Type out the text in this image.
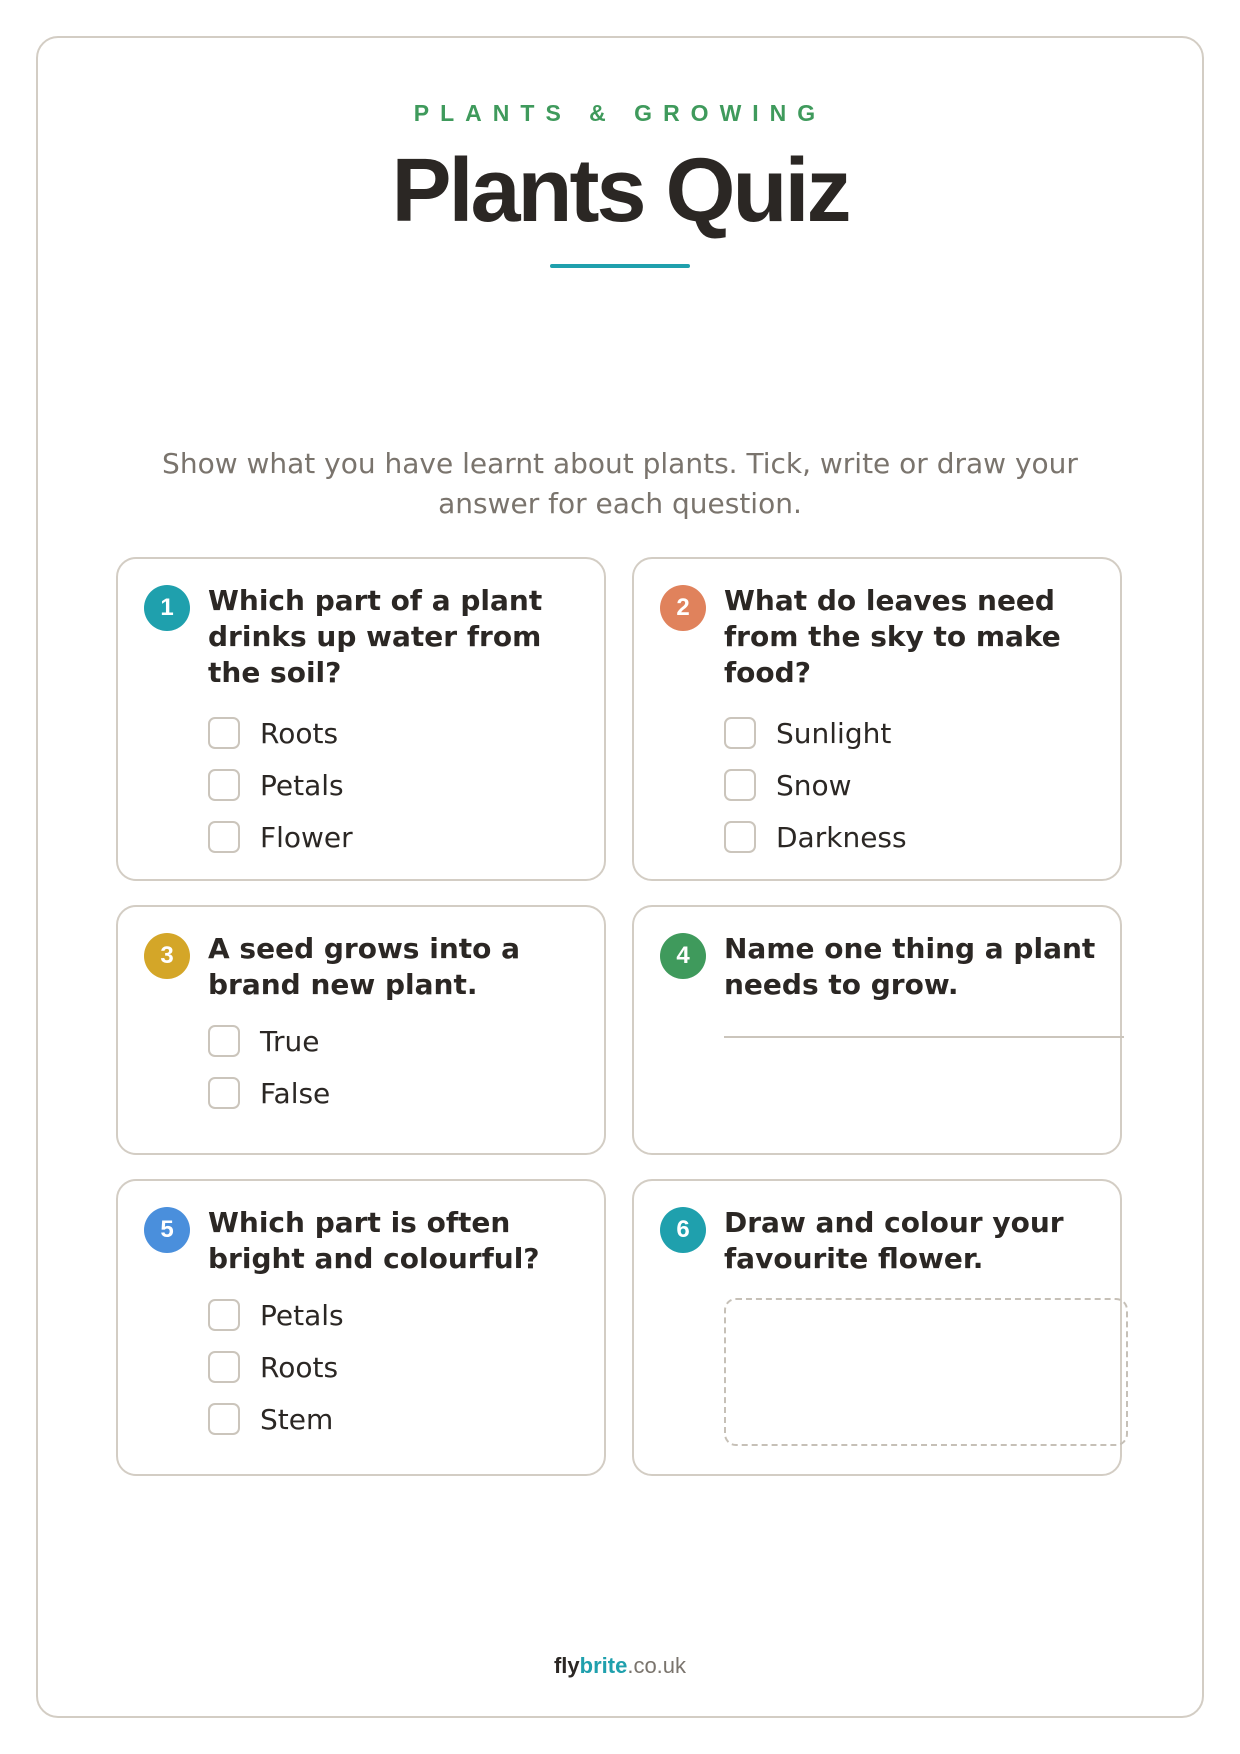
PLANTS & GROWING
Plants Quiz
Show what you have learnt about plants. Tick, write or draw your answer for each question.
1	Which part of a plant drinks up water from the soil?
Roots
Petals
Flower
2	What do leaves need from the sky to make food?
Sunlight
Snow
Darkness
3	A seed grows into a brand new plant.
True
False
4	Name one thing a plant needs to grow.
5	Which part is often bright and colourful?
Petals
Roots
Stem
6	Draw and colour your favourite flower.
flybrite.co.uk
